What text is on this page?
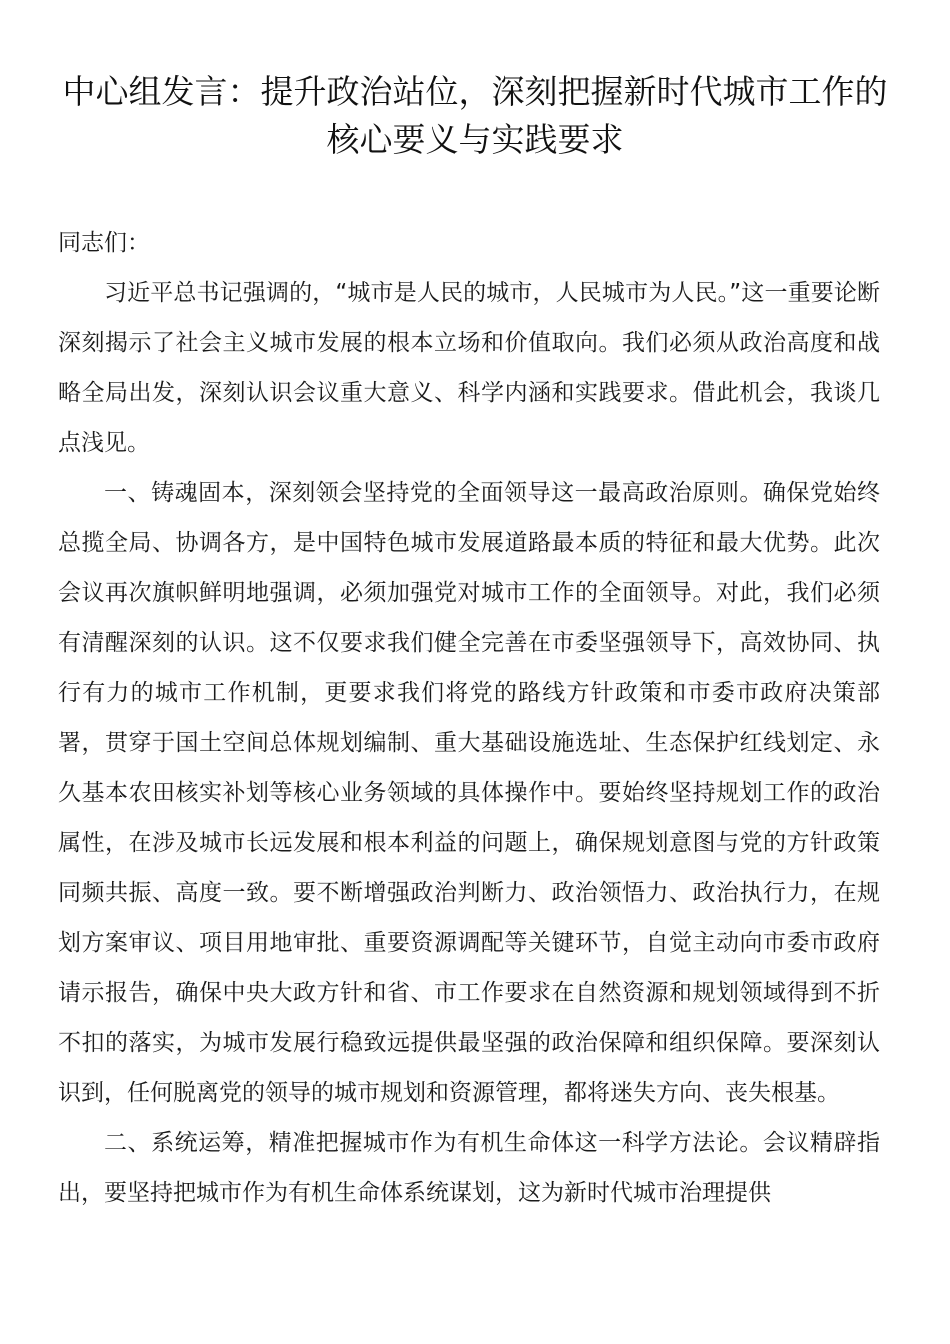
中心组发言：提升政治站位，深刻把握新时代城市工作的核心要义与实践要求

同志们：

习近平总书记强调的，“城市是人民的城市，人民城市为人民。”这一重要论断深刻揭示了社会主义城市发展的根本立场和价值取向。我们必须从政治高度和战略全局出发，深刻认识会议重大意义、科学内涵和实践要求。借此机会，我谈几点浅见。

一、铸魂固本，深刻领会坚持党的全面领导这一最高政治原则。确保党始终总揽全局、协调各方，是中国特色城市发展道路最本质的特征和最大优势。此次会议再次旗帜鲜明地强调，必须加强党对城市工作的全面领导。对此，我们必须有清醒深刻的认识。这不仅要求我们健全完善在市委坚强领导下，高效协同、执行有力的城市工作机制，更要求我们将党的路线方针政策和市委市政府决策部署，贯穿于国土空间总体规划编制、重大基础设施选址、生态保护红线划定、永久基本农田核实补划等核心业务领域的具体操作中。要始终坚持规划工作的政治属性，在涉及城市长远发展和根本利益的问题上，确保规划意图与党的方针政策同频共振、高度一致。要不断增强政治判断力、政治领悟力、政治执行力，在规划方案审议、项目用地审批、重要资源调配等关键环节，自觉主动向市委市政府请示报告，确保中央大政方针和省、市工作要求在自然资源和规划领域得到不折不扣的落实，为城市发展行稳致远提供最坚强的政治保障和组织保障。要深刻认识到，任何脱离党的领导的城市规划和资源管理，都将迷失方向、丧失根基。

二、系统运筹，精准把握城市作为有机生命体这一科学方法论。会议精辟指出，要坚持把城市作为有机生命体系统谋划，这为新时代城市治理提供
